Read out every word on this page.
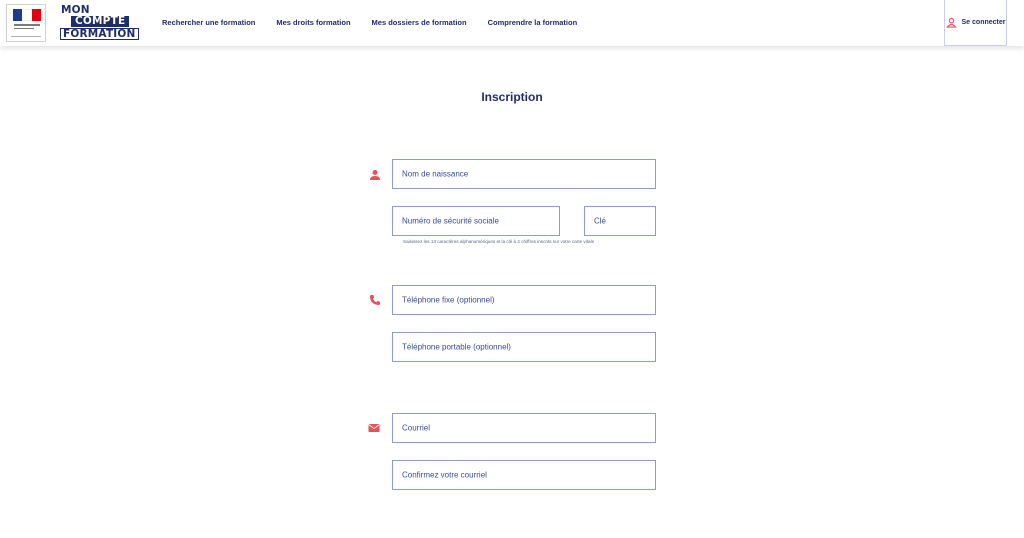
MON
COMPTE
FORMATION
Rechercher une formation	Mes droits formation	Mes dossiers de formation	Comprendre la formation	Se connecter
Inscription
Nom de naissance
Numéro de sécurité sociale	Clé
Saisissez les 13 caractères alphanumériques et la clé à 2 chiffres inscrits sur votre carte vitale
Téléphone fixe (optionnel)
Téléphone portable (optionnel)
Courriel
Confirmez votre courriel
